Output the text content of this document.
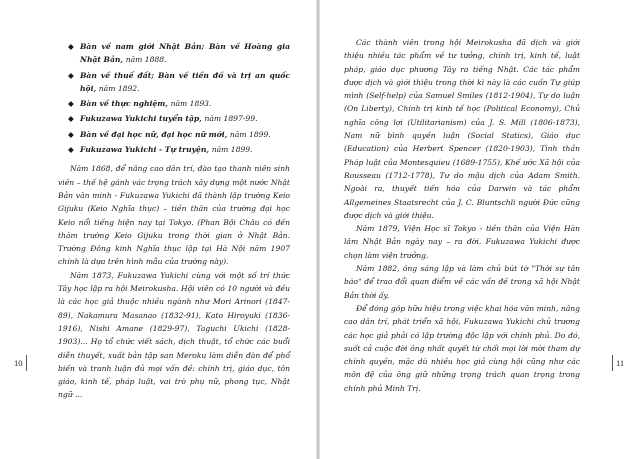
◆ Bàn về nam giới Nhật Bản; Bàn về Hoàng gia Nhật Bản, năm 1888.
◆ Bàn về thuế đất; Bàn về tiền đồ và trị an quốc hội, năm 1892.
◆ Bàn về thực nghiệm, năm 1893.
◆ Fukuzawa Yukichi tuyển tập, năm 1897-99.
◆ Bàn về đại học nữ, đại học nữ mới, năm 1899.
◆ Fukuzawa Yukichi - Tự truyện, năm 1899.

Năm 1868, để nâng cao dân trí, đào tạo thanh niên sinh viên – thế hệ gánh vác trọng trách xây dựng một nước Nhật Bản văn minh - Fukuzawa Yukichi đã thành lập trường Keio Gijuku (Keio Nghĩa thục) – tiền thân của trường đại học Keio nổi tiếng hiện nay tại Tokyo. (Phan Bội Châu có đến thăm trường Keio Gijuku trong thời gian ở Nhật Bản. Trường Đông kinh Nghĩa thục lập tại Hà Nội năm 1907 chính là dựa trên hình mẫu của trường này).

Năm 1873, Fukuzawa Yukichi cùng với một số trí thức Tây học lập ra hội Meirokusha. Hội viên có 10 người và đều là các học giả thuộc nhiều ngành như Mori Arinori (1847-89), Nakamura Masanao (1832-91), Kato Hiroyuki (1836-1916), Nishi Amane (1829-97), Taguchi Ukichi (1828-1903)... Họ tổ chức viết sách, dịch thuật, tổ chức các buổi diễn thuyết, xuất bản tập san Meroku làm diễn đàn để phổ biến và tranh luận đủ mọi vấn đề: chính trị, giáo dục, tôn giáo, kinh tế, pháp luật, vai trò phụ nữ, phong tục, Nhật ngữ ...

10

Các thành viên trong hội Meirokusha đã dịch và giới thiệu nhiều tác phẩm về tư tưởng, chính trị, kinh tế, luật pháp, giáo dục phương Tây ra tiếng Nhật. Các tác phẩm được dịch và giới thiệu trong thời kì này là các cuốn Tự giúp mình (Self-help) của Samuel Smiles (1812-1904), Tự do luận (On Liberty), Chính trị kinh tế học (Political Economy), Chủ nghĩa công lợi (Utilitarianism) của J. S. Mill (1806-1873), Nam nữ bình quyền luận (Social Statics), Giáo dục (Education) của Herbert Spencer (1820-1903), Tinh thần Pháp luật của Montesquieu (1689-1755), Khế ước Xã hội của Rousseau (1712-1778), Tư do mậu dịch của Adam Smith. Ngoài ra, thuyết tiến hóa của Darwin và tác phẩm Allgemeines Staatsrecht của J. C. Bluntschli người Đức cũng được dịch và giới thiệu.

Năm 1879, Viện Học sĩ Tokyo - tiền thân của Viện Hàn lâm Nhật Bản ngày nay – ra đời. Fukuzawa Yukichi được chọn làm viện trưởng.

Năm 1882, ông sáng lập và làm chủ bút tờ "Thời sự tân báo" để trao đổi quan điểm về các vấn đề trong xã hội Nhật Bản thời ấy.

Để đóng góp hữu hiệu trong việc khai hóa văn minh, nâng cao dân trí, phát triển xã hội, Fukuzawa Yukichi chủ trương các học giả phải có lập trường độc lập với chính phủ. Do đó, suốt cả cuộc đời ông nhất quyết từ chối mọi lời mời tham dự chính quyền, mặc dù nhiều học giả cùng hội cũng như các môn đệ của ông giữ những trọng trách quan trọng trong chính phủ Minh Trị.

11
